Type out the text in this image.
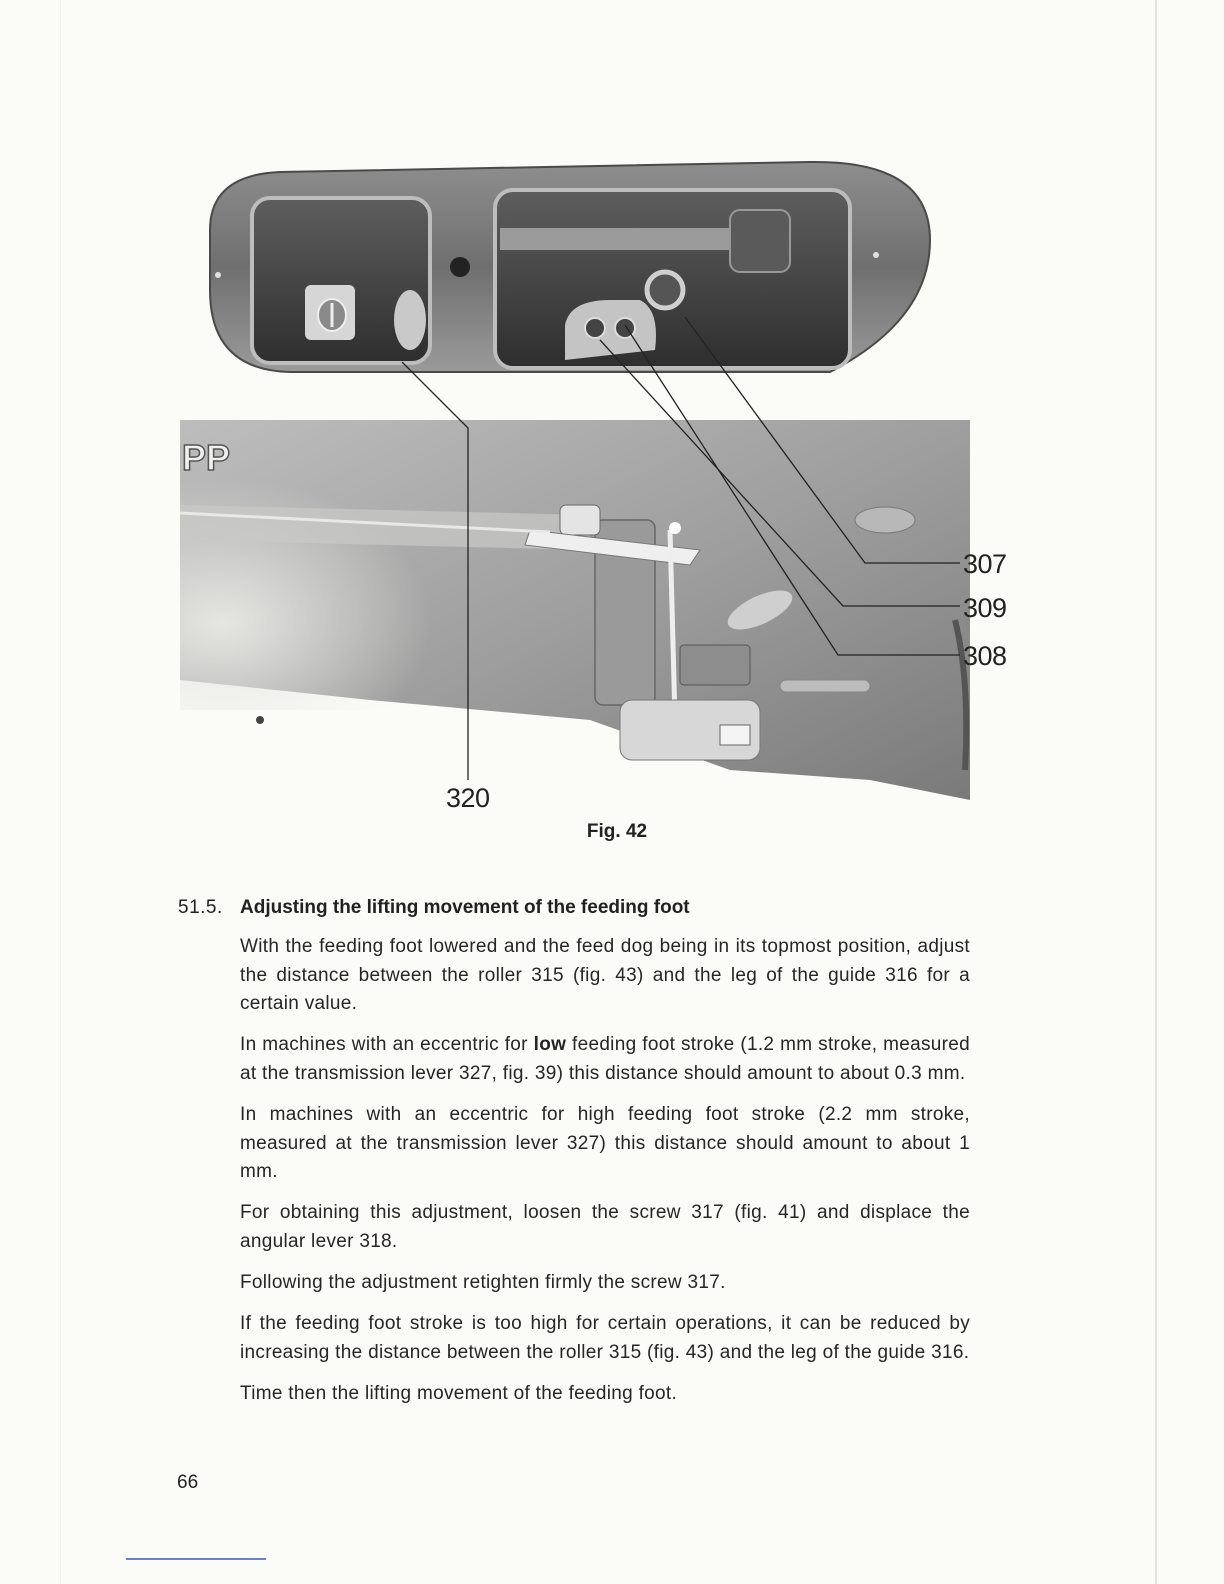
PP
307
309
308
320
Fig. 42
51.5. Adjusting the lifting movement of the feeding foot

With the feeding foot lowered and the feed dog being in its topmost position, adjust the distance between the roller 315 (fig. 43) and the leg of the guide 316 for a certain value.

In machines with an eccentric for low feeding foot stroke (1.2 mm stroke, measured at the transmission lever 327, fig. 39) this distance should amount to about 0.3 mm.

In machines with an eccentric for high feeding foot stroke (2.2 mm stroke, measured at the transmission lever 327) this distance should amount to about 1 mm.

For obtaining this adjustment, loosen the screw 317 (fig. 41) and displace the angular lever 318.

Following the adjustment retighten firmly the screw 317.

If the feeding foot stroke is too high for certain operations, it can be reduced by increasing the distance between the roller 315 (fig. 43) and the leg of the guide 316.

Time then the lifting movement of the feeding foot.

66
